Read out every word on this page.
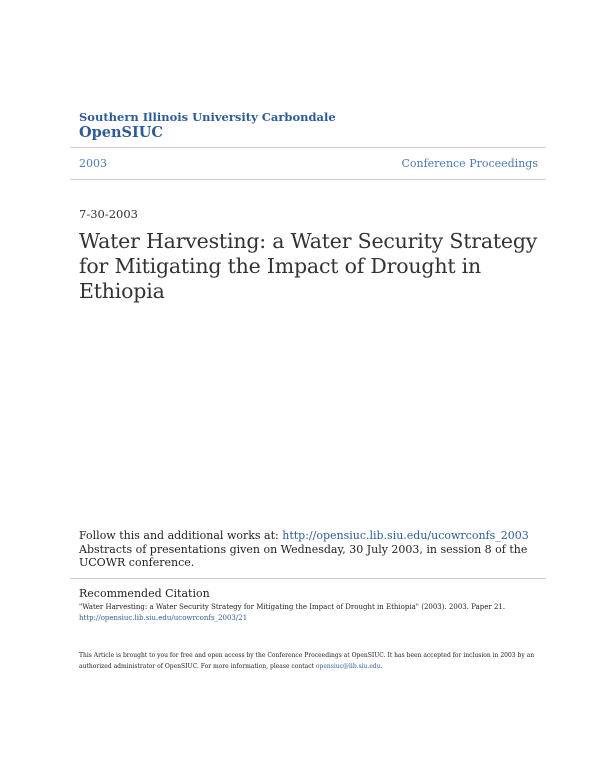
Southern Illinois University Carbondale
OpenSIUC
2003	Conference Proceedings
7-30-2003
Water Harvesting: a Water Security Strategy for Mitigating the Impact of Drought in Ethiopia
Follow this and additional works at: http://opensiuc.lib.siu.edu/ucowrconfs_2003
Abstracts of presentations given on Wednesday, 30 July 2003, in session 8 of the UCOWR conference.
Recommended Citation
"Water Harvesting: a Water Security Strategy for Mitigating the Impact of Drought in Ethiopia" (2003). 2003. Paper 21.
http://opensiuc.lib.siu.edu/ucowrconfs_2003/21
This Article is brought to you for free and open access by the Conference Proceedings at OpenSIUC. It has been accepted for inclusion in 2003 by an authorized administrator of OpenSIUC. For more information, please contact opensiuc@lib.siu.edu.
